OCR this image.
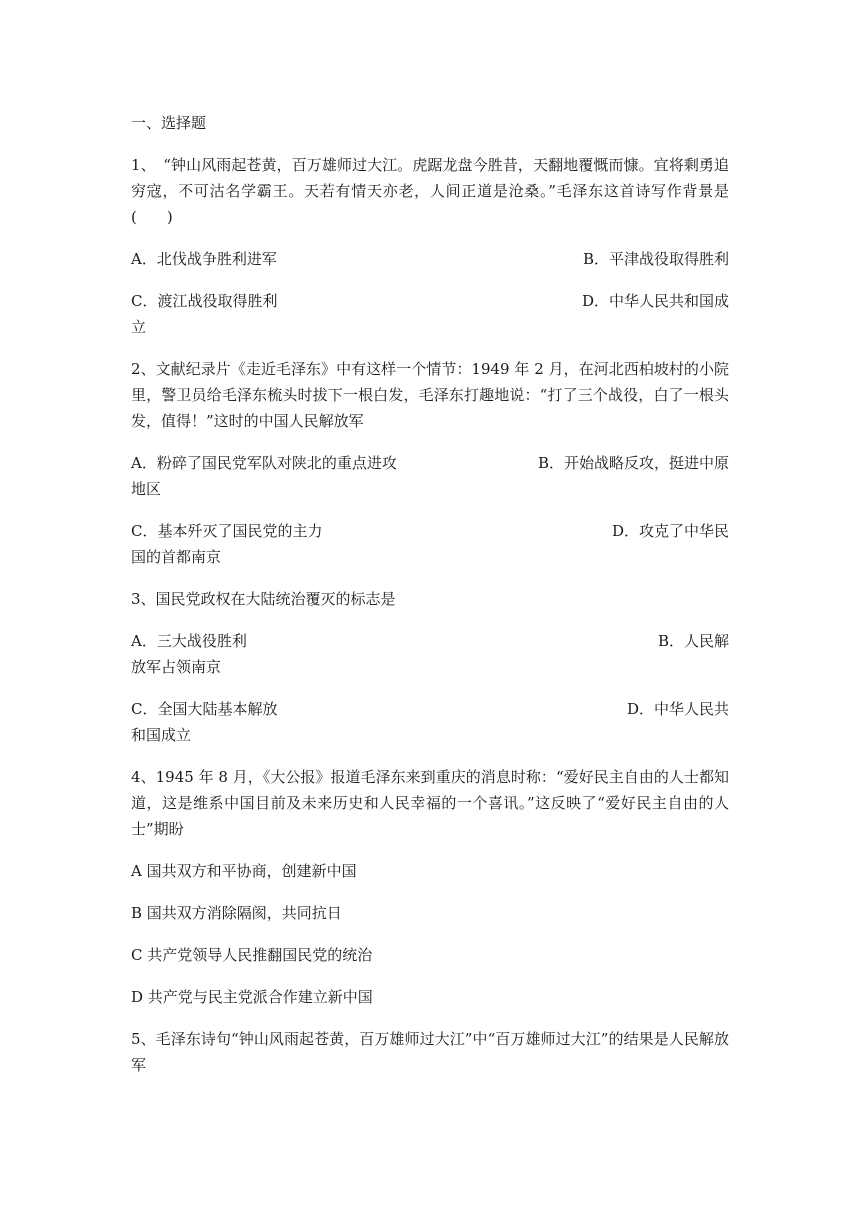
一、选择题

1、　“钟山风雨起苍黄，百万雄师过大江。虎踞龙盘今胜昔，天翻地覆慨而慷。宜将剩勇追穷寇，不可沽名学霸王。天若有情天亦老，人间正道是沧桑。”毛泽东这首诗写作背景是(　　)

A．北伐战争胜利进军	B．平津战役取得胜利
C．渡江战役取得胜利	D．中华人民共和国成
立

2、文献纪录片《走近毛泽东》中有这样一个情节：1949 年 2 月，在河北西柏坡村的小院里，警卫员给毛泽东梳头时拔下一根白发，毛泽东打趣地说：“打了三个战役，白了一根头发，值得！”这时的中国人民解放军

A．粉碎了国民党军队对陕北的重点进攻	B．开始战略反攻，挺进中原
地区
C．基本歼灭了国民党的主力	D．攻克了中华民
国的首都南京

3、国民党政权在大陆统治覆灭的标志是

A．三大战役胜利	B．人民解
放军占领南京
C．全国大陆基本解放	D．中华人民共
和国成立

4、1945 年 8 月，《大公报》报道毛泽东来到重庆的消息时称：“爱好民主自由的人士都知道，这是维系中国目前及未来历史和人民幸福的一个喜讯。”这反映了“爱好民主自由的人士”期盼

A 国共双方和平协商，创建新中国

B 国共双方消除隔阂，共同抗日

C 共产党领导人民推翻国民党的统治

D 共产党与民主党派合作建立新中国

5、毛泽东诗句“钟山风雨起苍黄，百万雄师过大江”中“百万雄师过大江”的结果是人民解放军
